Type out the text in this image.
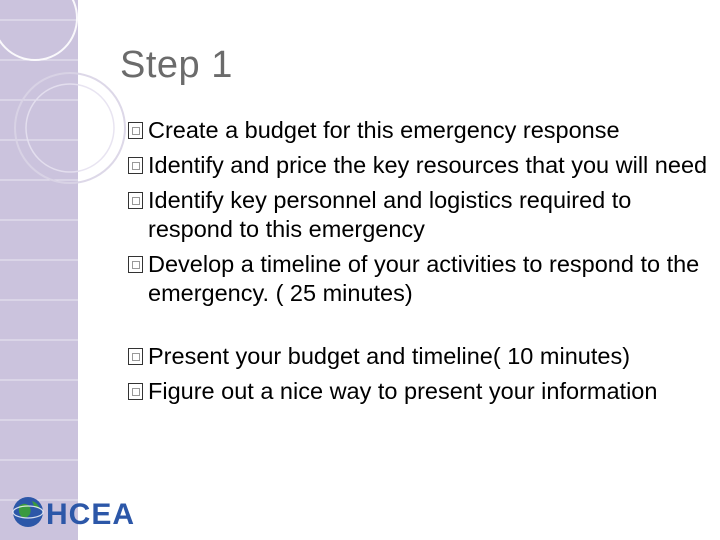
Step 1
Create a budget for this emergency response
Identify and price the key resources that you will need
Identify key personnel and logistics required to respond to this emergency
Develop a timeline of your activities to respond to the emergency. ( 25 minutes)
Present your budget and timeline( 10 minutes)
Figure out a nice way to present your information
HCEA
